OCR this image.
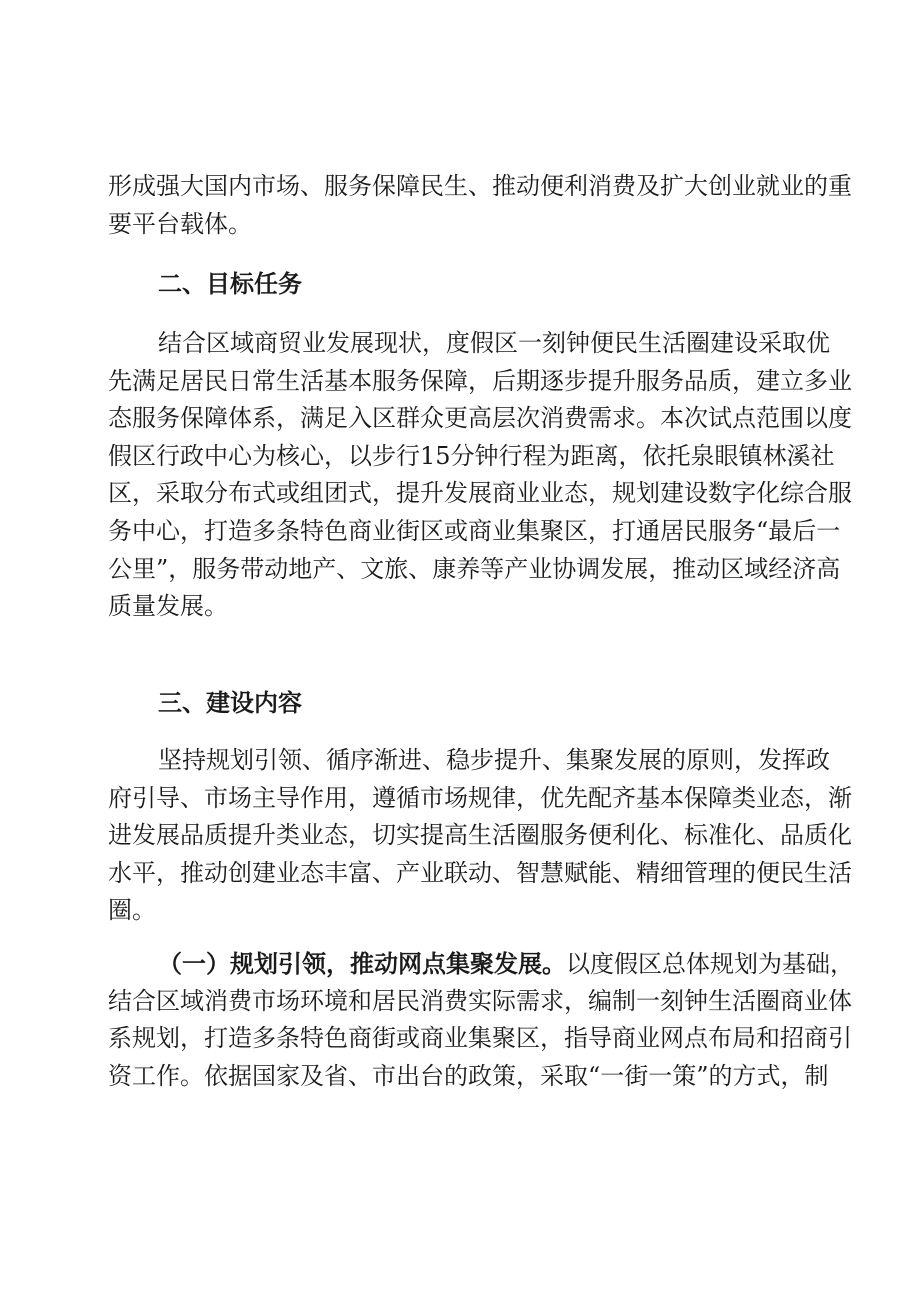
形成强大国内市场、服务保障民生、推动便利消费及扩大创业就业的重
要平台载体。
二、目标任务
结合区域商贸业发展现状，度假区一刻钟便民生活圈建设采取优
先满足居民日常生活基本服务保障，后期逐步提升服务品质，建立多业
态服务保障体系，满足入区群众更高层次消费需求。本次试点范围以度
假区行政中心为核心，以步行15分钟行程为距离，依托泉眼镇林溪社
区，采取分布式或组团式，提升发展商业业态，规划建设数字化综合服
务中心，打造多条特色商业街区或商业集聚区，打通居民服务“最后一
公里”，服务带动地产、文旅、康养等产业协调发展，推动区域经济高
质量发展。
三、建设内容
坚持规划引领、循序渐进、稳步提升、集聚发展的原则，发挥政
府引导、市场主导作用，遵循市场规律，优先配齐基本保障类业态，渐
进发展品质提升类业态，切实提高生活圈服务便利化、标准化、品质化
水平，推动创建业态丰富、产业联动、智慧赋能、精细管理的便民生活
圈。
（一）规划引领，推动网点集聚发展。以度假区总体规划为基础，
结合区域消费市场环境和居民消费实际需求，编制一刻钟生活圈商业体
系规划，打造多条特色商街或商业集聚区，指导商业网点布局和招商引
资工作。依据国家及省、市出台的政策，采取“一街一策”的方式，制
